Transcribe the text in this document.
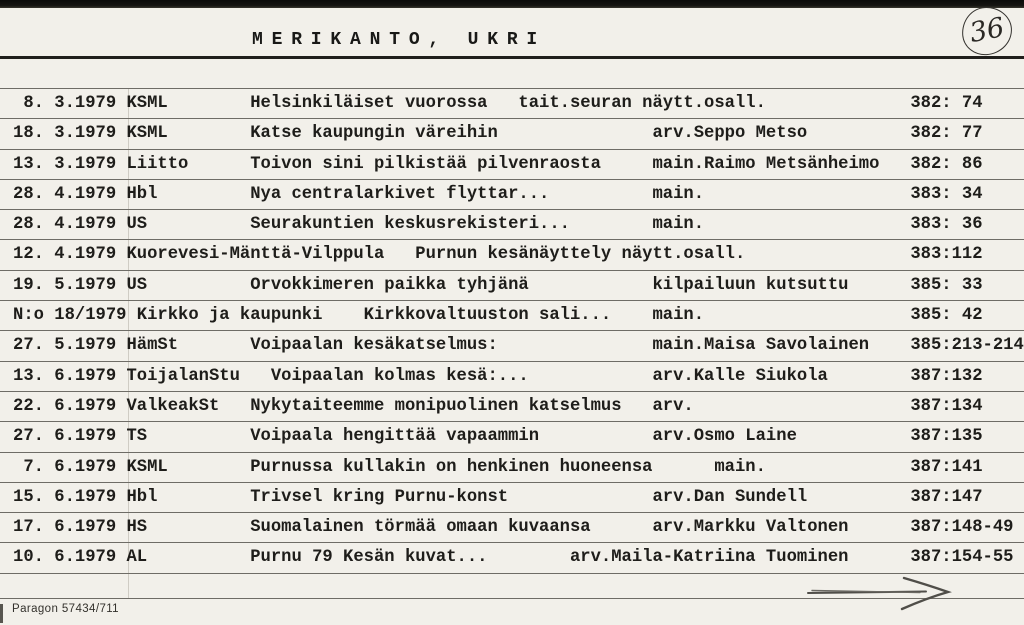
MERIKANTO, UKRI	36
8. 3.1979 KSML        Helsinkiläiset vuorossa   tait.seuran näytt.osall.	382: 74
18. 3.1979 KSML        Katse kaupungin väreihin               arv.Seppo Metso	382: 77
13. 3.1979 Liitto      Toivon sini pilkistää pilvenraosta     main.Raimo Metsänheimo 382: 86
28. 4.1979 Hbl         Nya centralarkivet flyttar...          main.	383: 34
28. 4.1979 US          Seurakuntien keskusrekisteri...        main.	383: 36
12. 4.1979 Kuorevesi-Mänttä-Vilppula   Purnun kesänäyttely näytt.osall.	383:112
19. 5.1979 US          Orvokkimeren paikka tyhjänä            kilpailuun kutsuttu	385: 33
N:o 18/1979 Kirkko ja kaupunki    Kirkkovaltuuston sali...    main.	385: 42
27. 5.1979 HämSt       Voipaalan kesäkatselmus:               main.Maisa Savolainen 385:213-214
13. 6.1979 ToijalanStu   Voipaalan kolmas kesä:...            arv.Kalle Siukola	387:132
22. 6.1979 ValkeakSt   Nykytaiteemme monipuolinen katselmus   arv.	387:134
27. 6.1979 TS          Voipaala hengittää vapaammin           arv.Osmo Laine	387:135
7. 6.1979 KSML        Purnussa kullakin on henkinen huoneensa      main.	387:141
15. 6.1979 Hbl         Trivsel kring Purnu-konst              arv.Dan Sundell	387:147
17. 6.1979 HS          Suomalainen törmää omaan kuvaansa      arv.Markku Valtonen	387:148-49
10. 6.1979 AL          Purnu 79 Kesän kuvat...        arv.Maila-Katriina Tuominen	387:154-55
Paragon 57434/711
